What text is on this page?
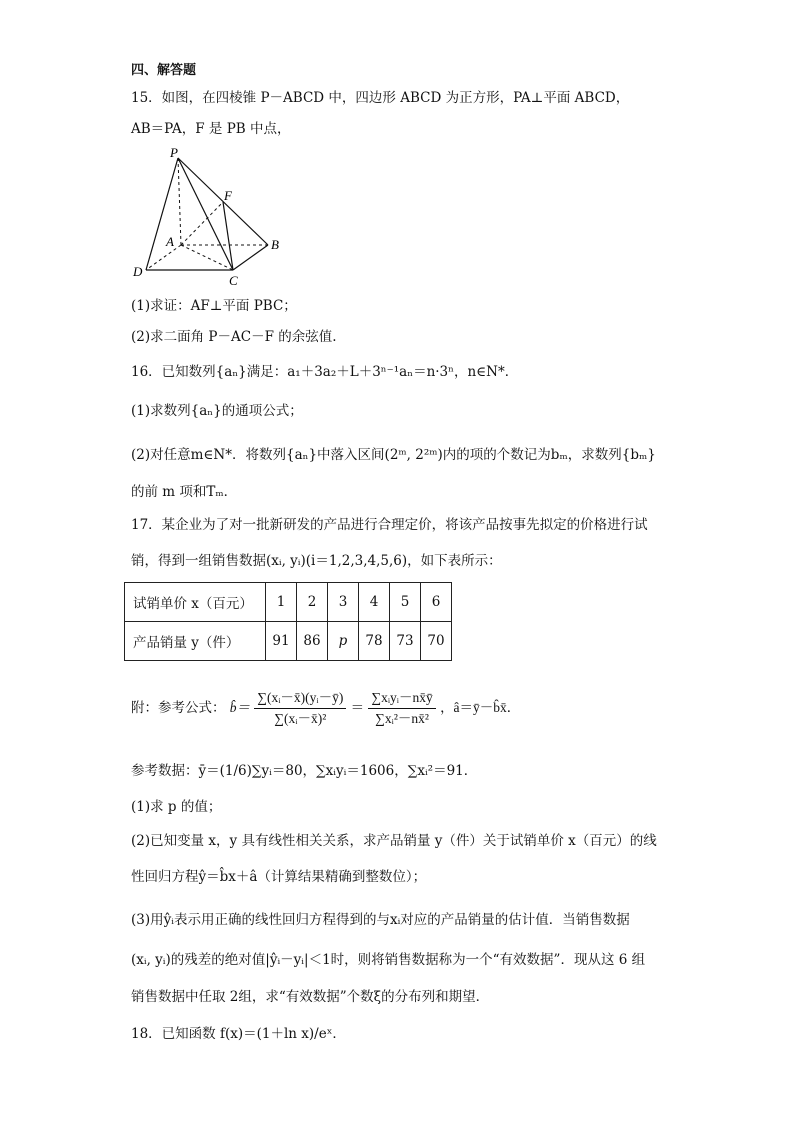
四、解答题
15．如图，在四棱锥 P－ABCD 中，四边形 ABCD 为正方形，PA⊥平面 ABCD，
AB＝PA，F 是 PB 中点，
P
F
A	B
D
C
(1)求证：AF⊥平面 PBC；
(2)求二面角 P－AC－F 的余弦值.
16．已知数列{aₙ}满足：a₁＋3a₂＋L＋3ⁿ⁻¹aₙ＝n·3ⁿ，n∈N*．
(1)求数列{aₙ}的通项公式；
(2)对任意m∈N*．将数列{aₙ}中落入区间(2ᵐ, 2²ᵐ)内的项的个数记为bₘ，求数列{bₘ}
的前 m 项和Tₘ．
17．某企业为了对一批新研发的产品进行合理定价，将该产品按事先拟定的价格进行试
销，得到一组销售数据(xᵢ, yᵢ)(i＝1,2,3,4,5,6)，如下表所示：
试销单价 x（百元）	1	2	3	4	5	6
产品销量 y（件）	91	86	p	78	73	70
附：参考公式： b̂＝ $\frac{\text{∑(xᵢ－x̄)(yᵢ－ȳ)}}{\text{∑(xᵢ－x̄)²}} = \frac{\text{∑xᵢyᵢ－nx̄ȳ}}{\text{∑xᵢ²－nx̄²}}$ ，â＝ȳ－b̂x̄．
参考数据：ȳ＝(1/6)∑yᵢ＝80，∑xᵢyᵢ＝1606，∑xᵢ²＝91．
(1)求 p 的值；
(2)已知变量 x，y 具有线性相关关系，求产品销量 y（件）关于试销单价 x（百元）的线
性回归方程ŷ＝b̂x＋â（计算结果精确到整数位）；
(3)用ŷᵢ表示用正确的线性回归方程得到的与xᵢ对应的产品销量的估计值．当销售数据
(xᵢ, yᵢ)的残差的绝对值|ŷᵢ－yᵢ|＜1时，则将销售数据称为一个“有效数据”．现从这 6 组
销售数据中任取 2组，求“有效数据”个数ξ的分布列和期望．
18．已知函数 f(x)＝(1＋ln x)/eˣ．
